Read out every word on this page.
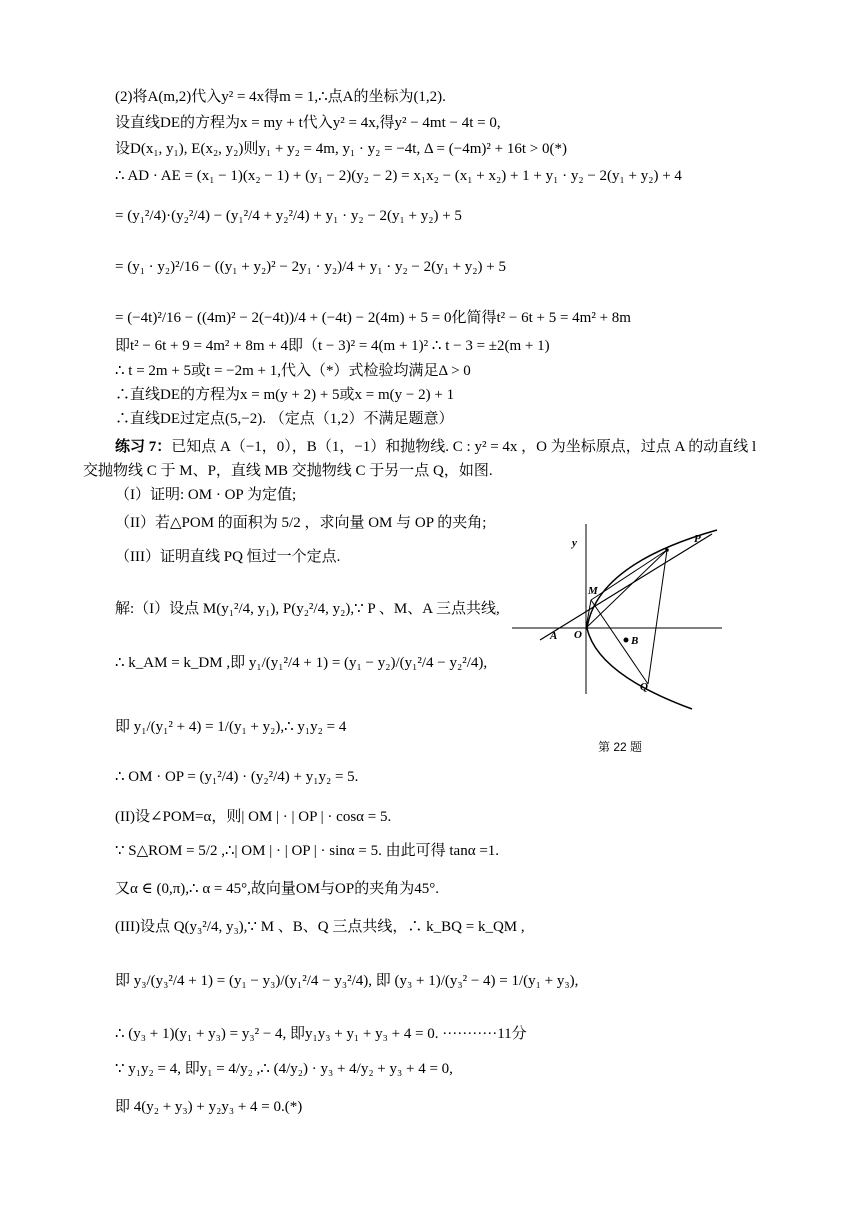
(2)将A(m,2)代入y² = 4x得m = 1,∴点A的坐标为(1,2).
设直线DE的方程为x = my + t代入y² = 4x,得y² − 4mt − 4t = 0,
设D(x₁, y₁), E(x₂, y₂)则y₁ + y₂ = 4m, y₁ · y₂ = −4t, Δ = (−4m)² + 16t > 0(*)
∴ AD · AE = (x₁ − 1)(x₂ − 1) + (y₁ − 2)(y₂ − 2) = x₁x₂ − (x₁ + x₂) + 1 + y₁ · y₂ − 2(y₁ + y₂) + 4
= (y₁²/4)·(y₂²/4) − (y₁²/4 + y₂²/4) + y₁ · y₂ − 2(y₁ + y₂) + 5
= (y₁ · y₂)²/16 − ((y₁ + y₂)² − 2y₁ · y₂)/4 + y₁ · y₂ − 2(y₁ + y₂) + 5
= (−4t)²/16 − ((4m)² − 2(−4t))/4 + (−4t) − 2(4m) + 5 = 0化简得t² − 6t + 5 = 4m² + 8m
即t² − 6t + 9 = 4m² + 8m + 4即（t − 3)² = 4(m + 1)² ∴ t − 3 = ±2(m + 1)
∴ t = 2m + 5或t = −2m + 1,代入（*）式检验均满足Δ > 0
∴直线DE的方程为x = m(y + 2) + 5或x = m(y − 2) + 1
∴直线DE过定点(5,−2). （定点（1,2）不满足题意）
练习 7：已知点 A（−1，0），B（1，−1）和抛物线. C : y² = 4x ，O 为坐标原点，过点 A 的动直线 l
交抛物线 C 于 M、P，直线 MB 交抛物线 C 于另一点 Q，如图.
（I）证明: OM · OP 为定值;
（II）若△POM 的面积为 5/2 ，求向量 OM 与 OP 的夹角;
（III）证明直线 PQ 恒过一个定点.
解:（I）设点 M(y₁²/4, y₁), P(y₂²/4, y₂),∵ P 、M、A 三点共线,
∴ k_AM = k_DM ,即 y₁/(y₁²/4 + 1) = (y₁ − y₂)/(y₁²/4 − y₂²/4),
即 y₁/(y₁² + 4) = 1/(y₁ + y₂),∴ y₁y₂ = 4
∴ OM · OP = (y₁²/4) · (y₂²/4) + y₁y₂ = 5.
(II)设∠POM=α，则| OM | · | OP | · cosα = 5.
∵ S△ROM = 5/2 ,∴| OM | · | OP | · sinα = 5. 由此可得 tanα =1.
又α ∈ (0,π),∴ α = 45°,故向量OM与OP的夹角为45°.
(III)设点 Q(y₃²/4, y₃),∵ M 、B、Q 三点共线，∴ k_BQ = k_QM ,
即 y₃/(y₃²/4 + 1) = (y₁ − y₃)/(y₁²/4 − y₃²/4), 即 (y₃ + 1)/(y₃² − 4) = 1/(y₁ + y₃),
∴ (y₃ + 1)(y₁ + y₃) = y₃² − 4, 即y₁y₃ + y₁ + y₃ + 4 = 0. ···········11分
∵ y₁y₂ = 4, 即y₁ = 4/y₂ ,∴ (4/y₂) · y₃ + 4/y₂ + y₃ + 4 = 0,
即 4(y₂ + y₃) + y₂y₃ + 4 = 0.(*)
y	P
M
A O	B
Q
第 22 题
